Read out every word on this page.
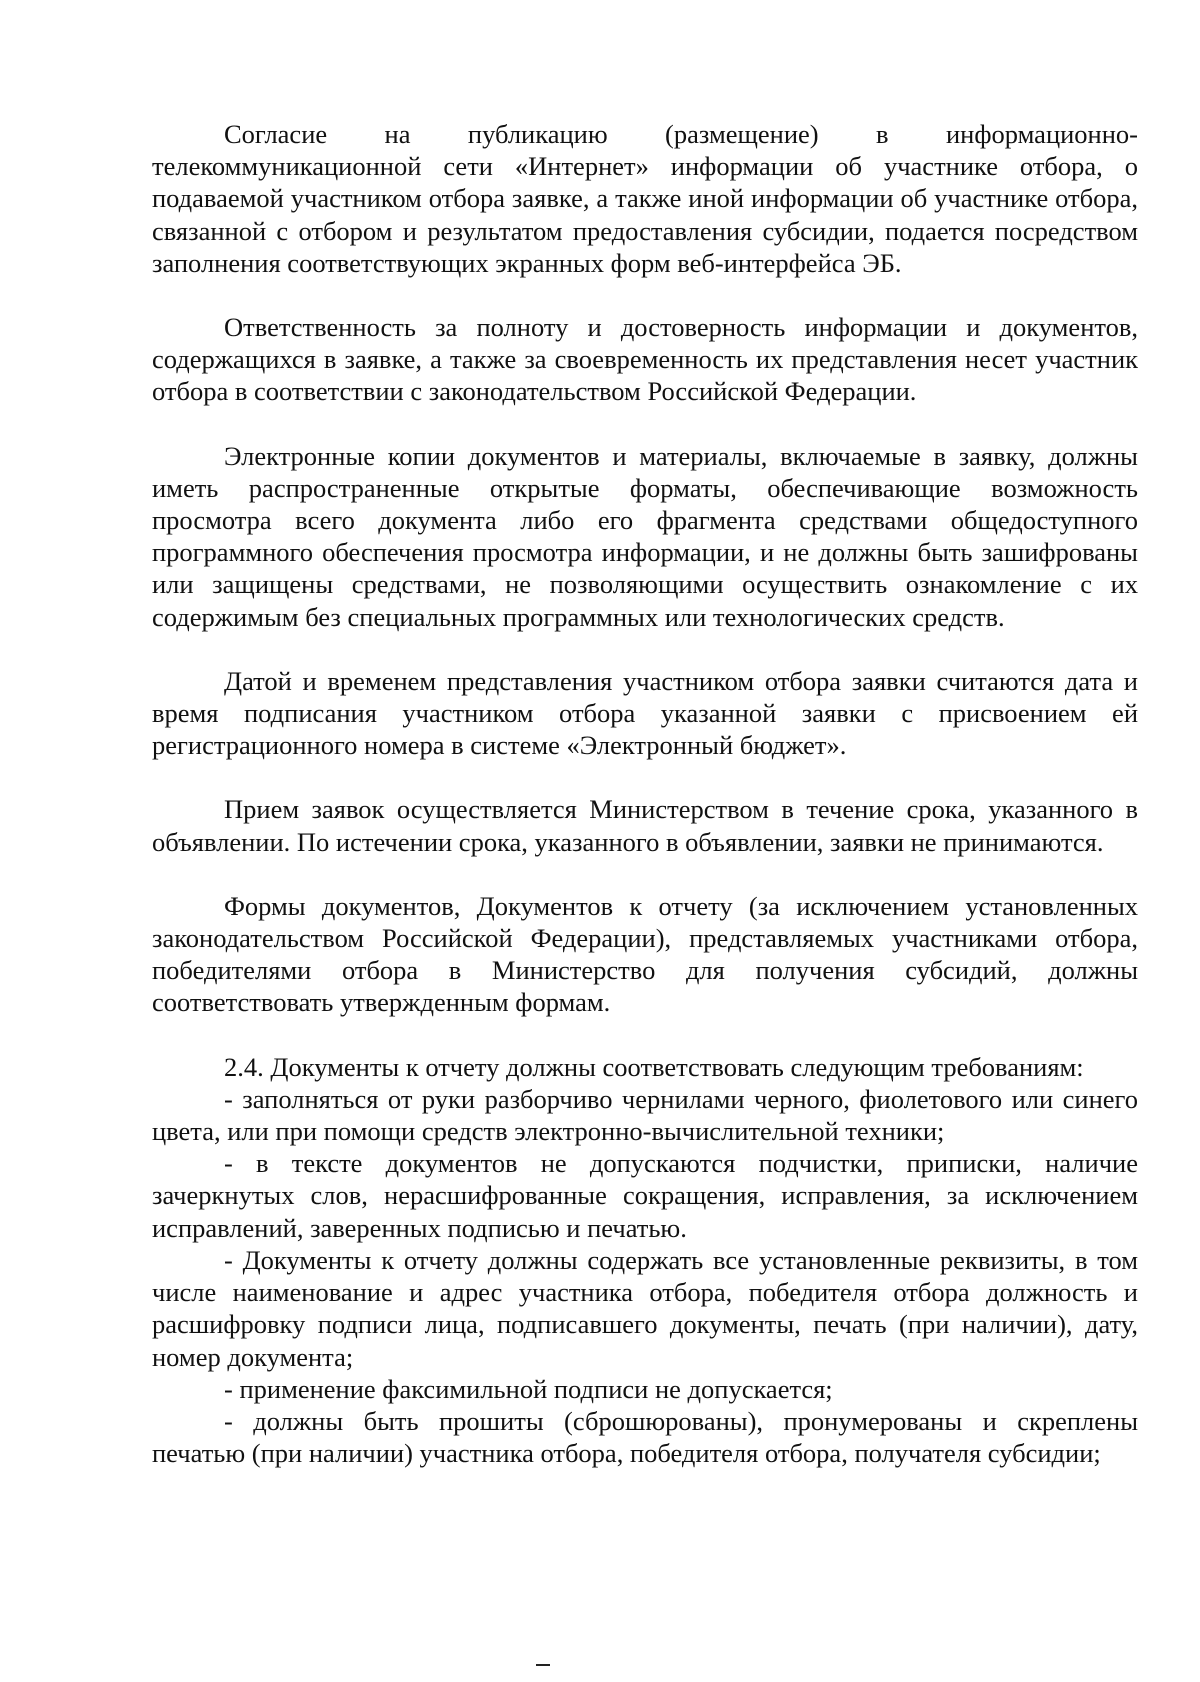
Согласие на публикацию (размещение) в информационно-телекоммуникационной сети «Интернет» информации об участнике отбора, о подаваемой участником отбора заявке, а также иной информации об участнике отбора, связанной с отбором и результатом предоставления субсидии, подается посредством заполнения соответствующих экранных форм веб-интерфейса ЭБ.

Ответственность за полноту и достоверность информации и документов, содержащихся в заявке, а также за своевременность их представления несет участник отбора в соответствии с законодательством Российской Федерации.

Электронные копии документов и материалы, включаемые в заявку, должны иметь распространенные открытые форматы, обеспечивающие возможность просмотра всего документа либо его фрагмента средствами общедоступного программного обеспечения просмотра информации, и не должны быть зашифрованы или защищены средствами, не позволяющими осуществить ознакомление с их содержимым без специальных программных или технологических средств.

Датой и временем представления участником отбора заявки считаются дата и время подписания участником отбора указанной заявки с присвоением ей регистрационного номера в системе «Электронный бюджет».

Прием заявок осуществляется Министерством в течение срока, указанного в объявлении. По истечении срока, указанного в объявлении, заявки не принимаются.

Формы документов, Документов к отчету (за исключением установленных законодательством Российской Федерации), представляемых участниками отбора, победителями отбора в Министерство для получения субсидий, должны соответствовать утвержденным формам.

2.4. Документы к отчету должны соответствовать следующим требованиям:

- заполняться от руки разборчиво чернилами черного, фиолетового или синего цвета, или при помощи средств электронно-вычислительной техники;

- в тексте документов не допускаются подчистки, приписки, наличие зачеркнутых слов, нерасшифрованные сокращения, исправления, за исключением исправлений, заверенных подписью и печатью.

- Документы к отчету должны содержать все установленные реквизиты, в том числе наименование и адрес участника отбора, победителя отбора должность и расшифровку подписи лица, подписавшего документы, печать (при наличии), дату, номер документа;

- применение факсимильной подписи не допускается;

- должны быть прошиты (сброшюрованы), пронумерованы и скреплены печатью (при наличии) участника отбора, победителя отбора, получателя субсидии;
